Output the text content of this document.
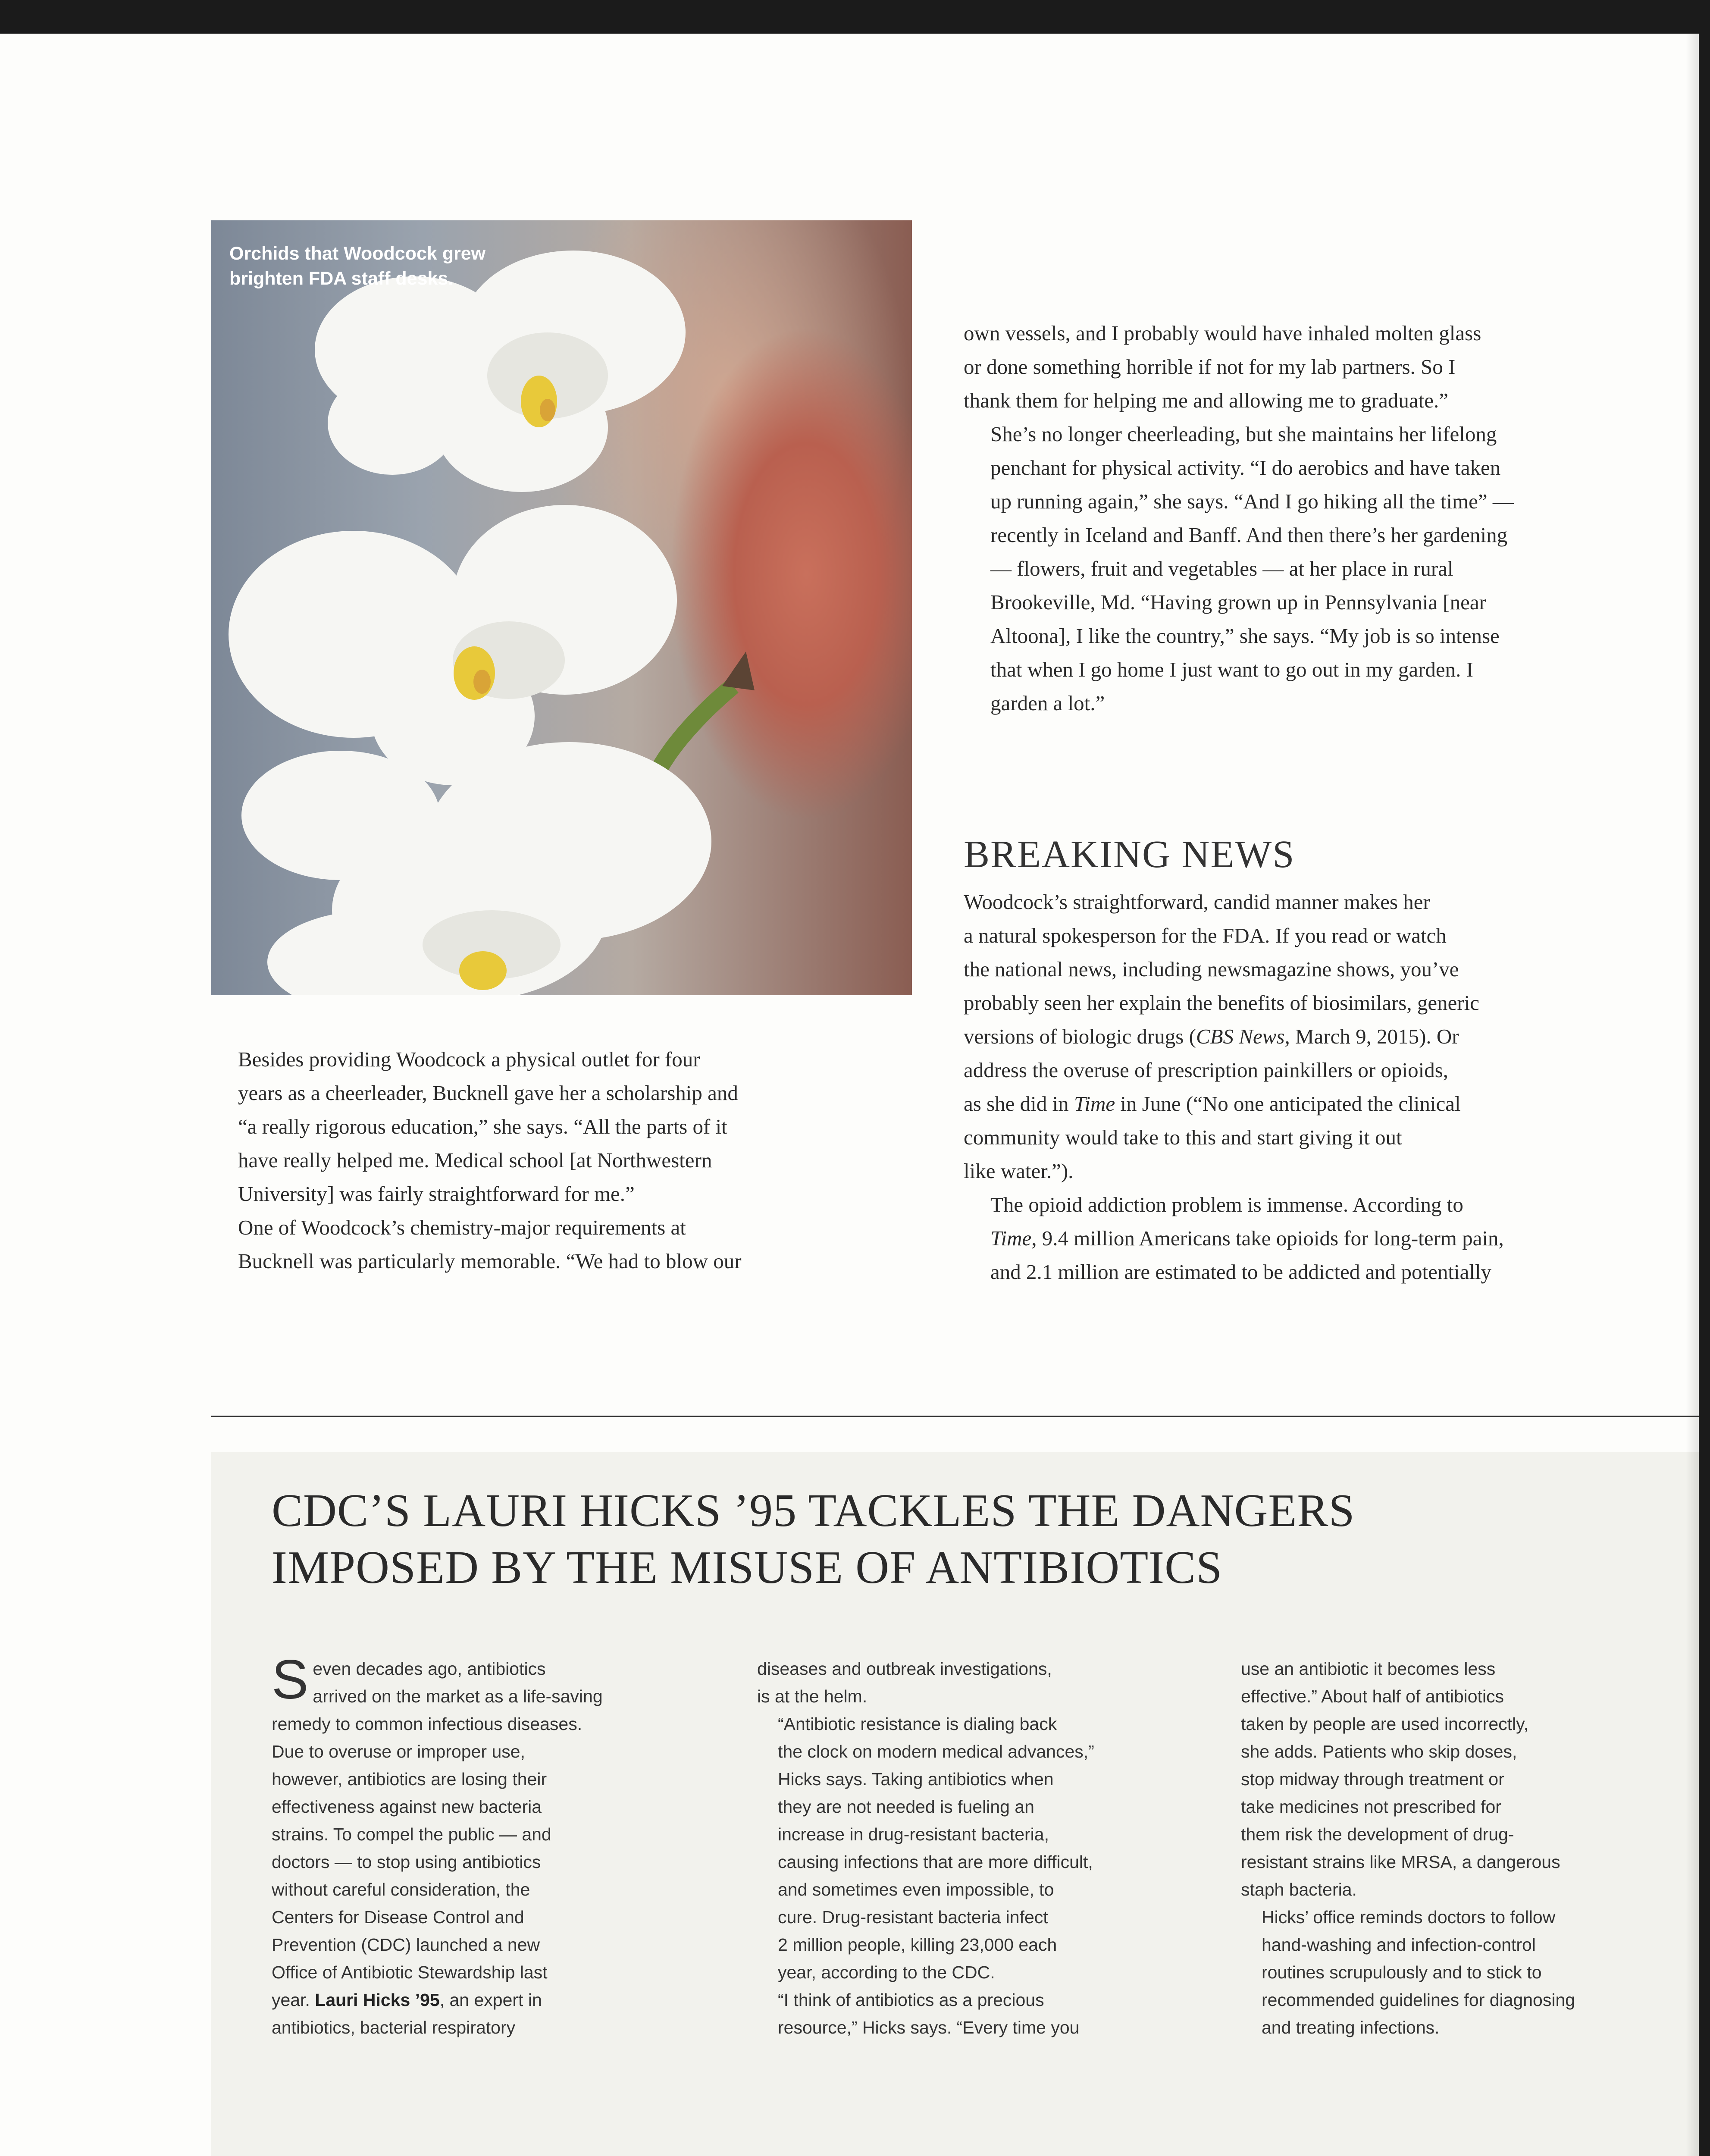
Orchids that Woodcock grew
brighten FDA staff desks.

Besides providing Woodcock a physical outlet for four
years as a cheerleader, Bucknell gave her a scholarship and
“a really rigorous education,” she says. “All the parts of it
have really helped me. Medical school [at Northwestern
University] was fairly straightforward for me.”

One of Woodcock’s chemistry-major requirements at
Bucknell was particularly memorable. “We had to blow our

own vessels, and I probably would have inhaled molten glass
or done something horrible if not for my lab partners. So I
thank them for helping me and allowing me to graduate.”

She’s no longer cheerleading, but she maintains her lifelong
penchant for physical activity. “I do aerobics and have taken
up running again,” she says. “And I go hiking all the time” —
recently in Iceland and Banff. And then there’s her gardening
— flowers, fruit and vegetables — at her place in rural
Brookeville, Md. “Having grown up in Pennsylvania [near
Altoona], I like the country,” she says. “My job is so intense
that when I go home I just want to go out in my garden. I
garden a lot.”

BREAKING NEWS

Woodcock’s straightforward, candid manner makes her
a natural spokesperson for the FDA. If you read or watch
the national news, including newsmagazine shows, you’ve
probably seen her explain the benefits of biosimilars, generic
versions of biologic drugs (CBS News, March 9, 2015). Or
address the overuse of prescription painkillers or opioids,
as she did in Time in June (“No one anticipated the clinical
community would take to this and start giving it out
like water.”).

The opioid addiction problem is immense. According to
Time, 9.4 million Americans take opioids for long-term pain,
and 2.1 million are estimated to be addicted and potentially

CDC’S LAURI HICKS ’95 TACKLES THE DANGERS
IMPOSED BY THE MISUSE OF ANTIBIOTICS

S even decades ago, antibiotics
arrived on the market as a life-saving
remedy to common infectious diseases.
Due to overuse or improper use,
however, antibiotics are losing their
effectiveness against new bacteria
strains. To compel the public — and
doctors — to stop using antibiotics
without careful consideration, the
Centers for Disease Control and
Prevention (CDC) launched a new
Office of Antibiotic Stewardship last
year. Lauri Hicks ’95, an expert in
antibiotics, bacterial respiratory

diseases and outbreak investigations,
is at the helm.

“Antibiotic resistance is dialing back
the clock on modern medical advances,”
Hicks says. Taking antibiotics when
they are not needed is fueling an
increase in drug-resistant bacteria,
causing infections that are more difficult,
and sometimes even impossible, to
cure. Drug-resistant bacteria infect
2 million people, killing 23,000 each
year, according to the CDC.

“I think of antibiotics as a precious
resource,” Hicks says. “Every time you

use an antibiotic it becomes less
effective.” About half of antibiotics
taken by people are used incorrectly,
she adds. Patients who skip doses,
stop midway through treatment or
take medicines not prescribed for
them risk the development of drug-
resistant strains like MRSA, a dangerous
staph bacteria.

Hicks’ office reminds doctors to follow
hand-washing and infection-control
routines scrupulously and to stick to
recommended guidelines for diagnosing
and treating infections.
